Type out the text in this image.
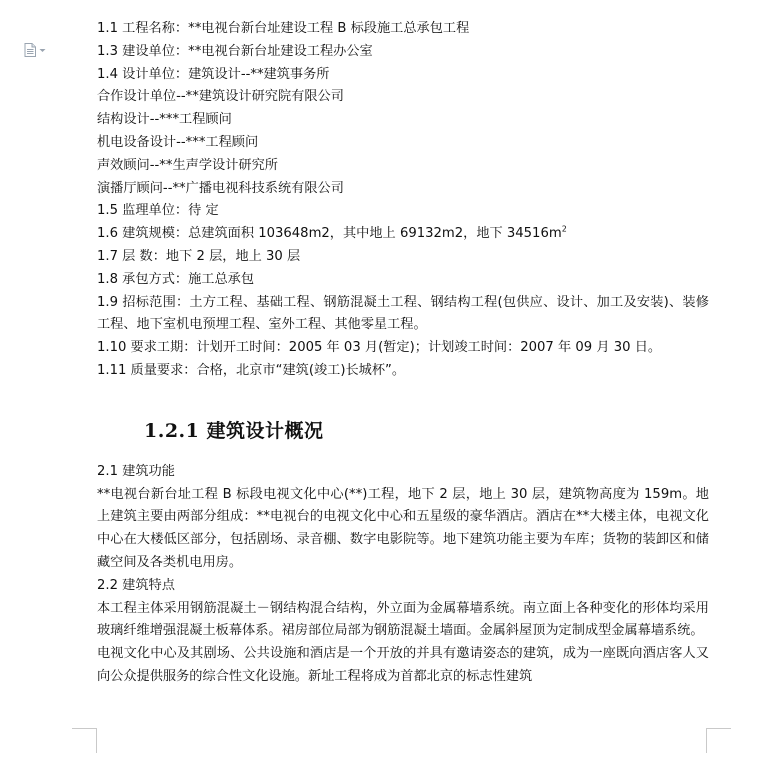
1.1 工程名称：**电视台新台址建设工程 B 标段施工总承包工程
1.3 建设单位：**电视台新台址建设工程办公室
1.4 设计单位：建筑设计--**建筑事务所
合作设计单位--**建筑设计研究院有限公司
结构设计--***工程顾问
机电设备设计--***工程顾问
声效顾问--**生声学设计研究所
演播厅顾问--**广播电视科技系统有限公司
1.5 监理单位：待 定
1.6 建筑规模：总建筑面积 103648m2，其中地上 69132m2，地下 $34516m^2$
1.7 层 数：地下 2 层，地上 30 层
1.8 承包方式：施工总承包

1.9 招标范围：土方工程、基础工程、钢筋混凝土工程、钢结构工程(包供应、设计、加工及安装)、装修工程、地下室机电预埋工程、室外工程、其他零星工程。

1.10 要求工期：计划开工时间：2005 年 03 月(暂定)；计划竣工时间：2007 年 09 月 30 日。
1.11 质量要求：合格，北京市“建筑(竣工)长城杯”。
1.2.1 建筑设计概况
2.1 建筑功能

**电视台新台址工程 B 标段电视文化中心(**)工程，地下 2 层，地上 30 层，建筑物高度为 159m。地上建筑主要由两部分组成：**电视台的电视文化中心和五星级的豪华酒店。酒店在**大楼主体，电视文化中心在大楼低区部分，包括剧场、录音棚、数字电影院等。地下建筑功能主要为车库；货物的装卸区和储藏空间及各类机电用房。

2.2 建筑特点

本工程主体采用钢筋混凝土－钢结构混合结构，外立面为金属幕墙系统。南立面上各种变化的形体均采用玻璃纤维增强混凝土板幕体系。裙房部位局部为钢筋混凝土墙面。金属斜屋顶为定制成型金属幕墙系统。

电视文化中心及其剧场、公共设施和酒店是一个开放的并具有邀请姿态的建筑，成为一座既向酒店客人又向公众提供服务的综合性文化设施。新址工程将成为首都北京的标志性建筑
